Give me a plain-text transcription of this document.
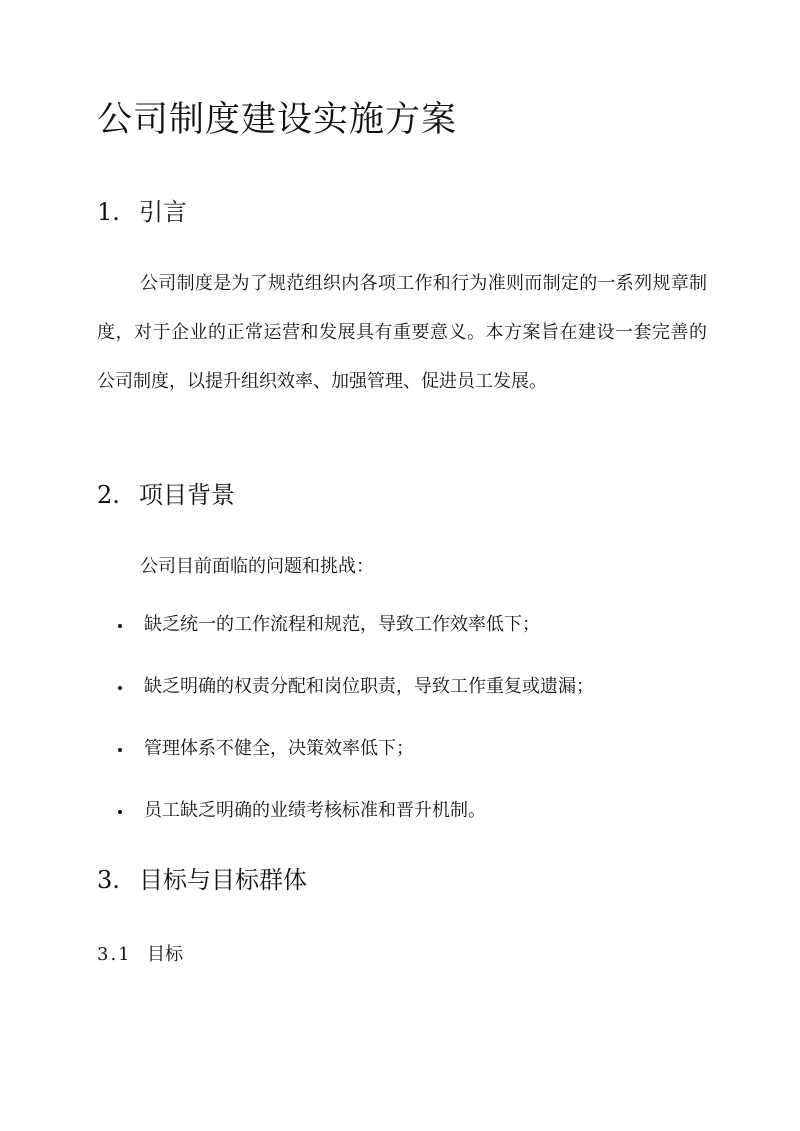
公司制度建设实施方案
1. 引言

公司制度是为了规范组织内各项工作和行为准则而制定的一系列规章制度，对于企业的正常运营和发展具有重要意义。本方案旨在建设一套完善的公司制度，以提升组织效率、加强管理、促进员工发展。

2. 项目背景

公司目前面临的问题和挑战：

缺乏统一的工作流程和规范，导致工作效率低下；
缺乏明确的权责分配和岗位职责，导致工作重复或遗漏；
管理体系不健全，决策效率低下；
员工缺乏明确的业绩考核标准和晋升机制。
3. 目标与目标群体
3.1 目标
